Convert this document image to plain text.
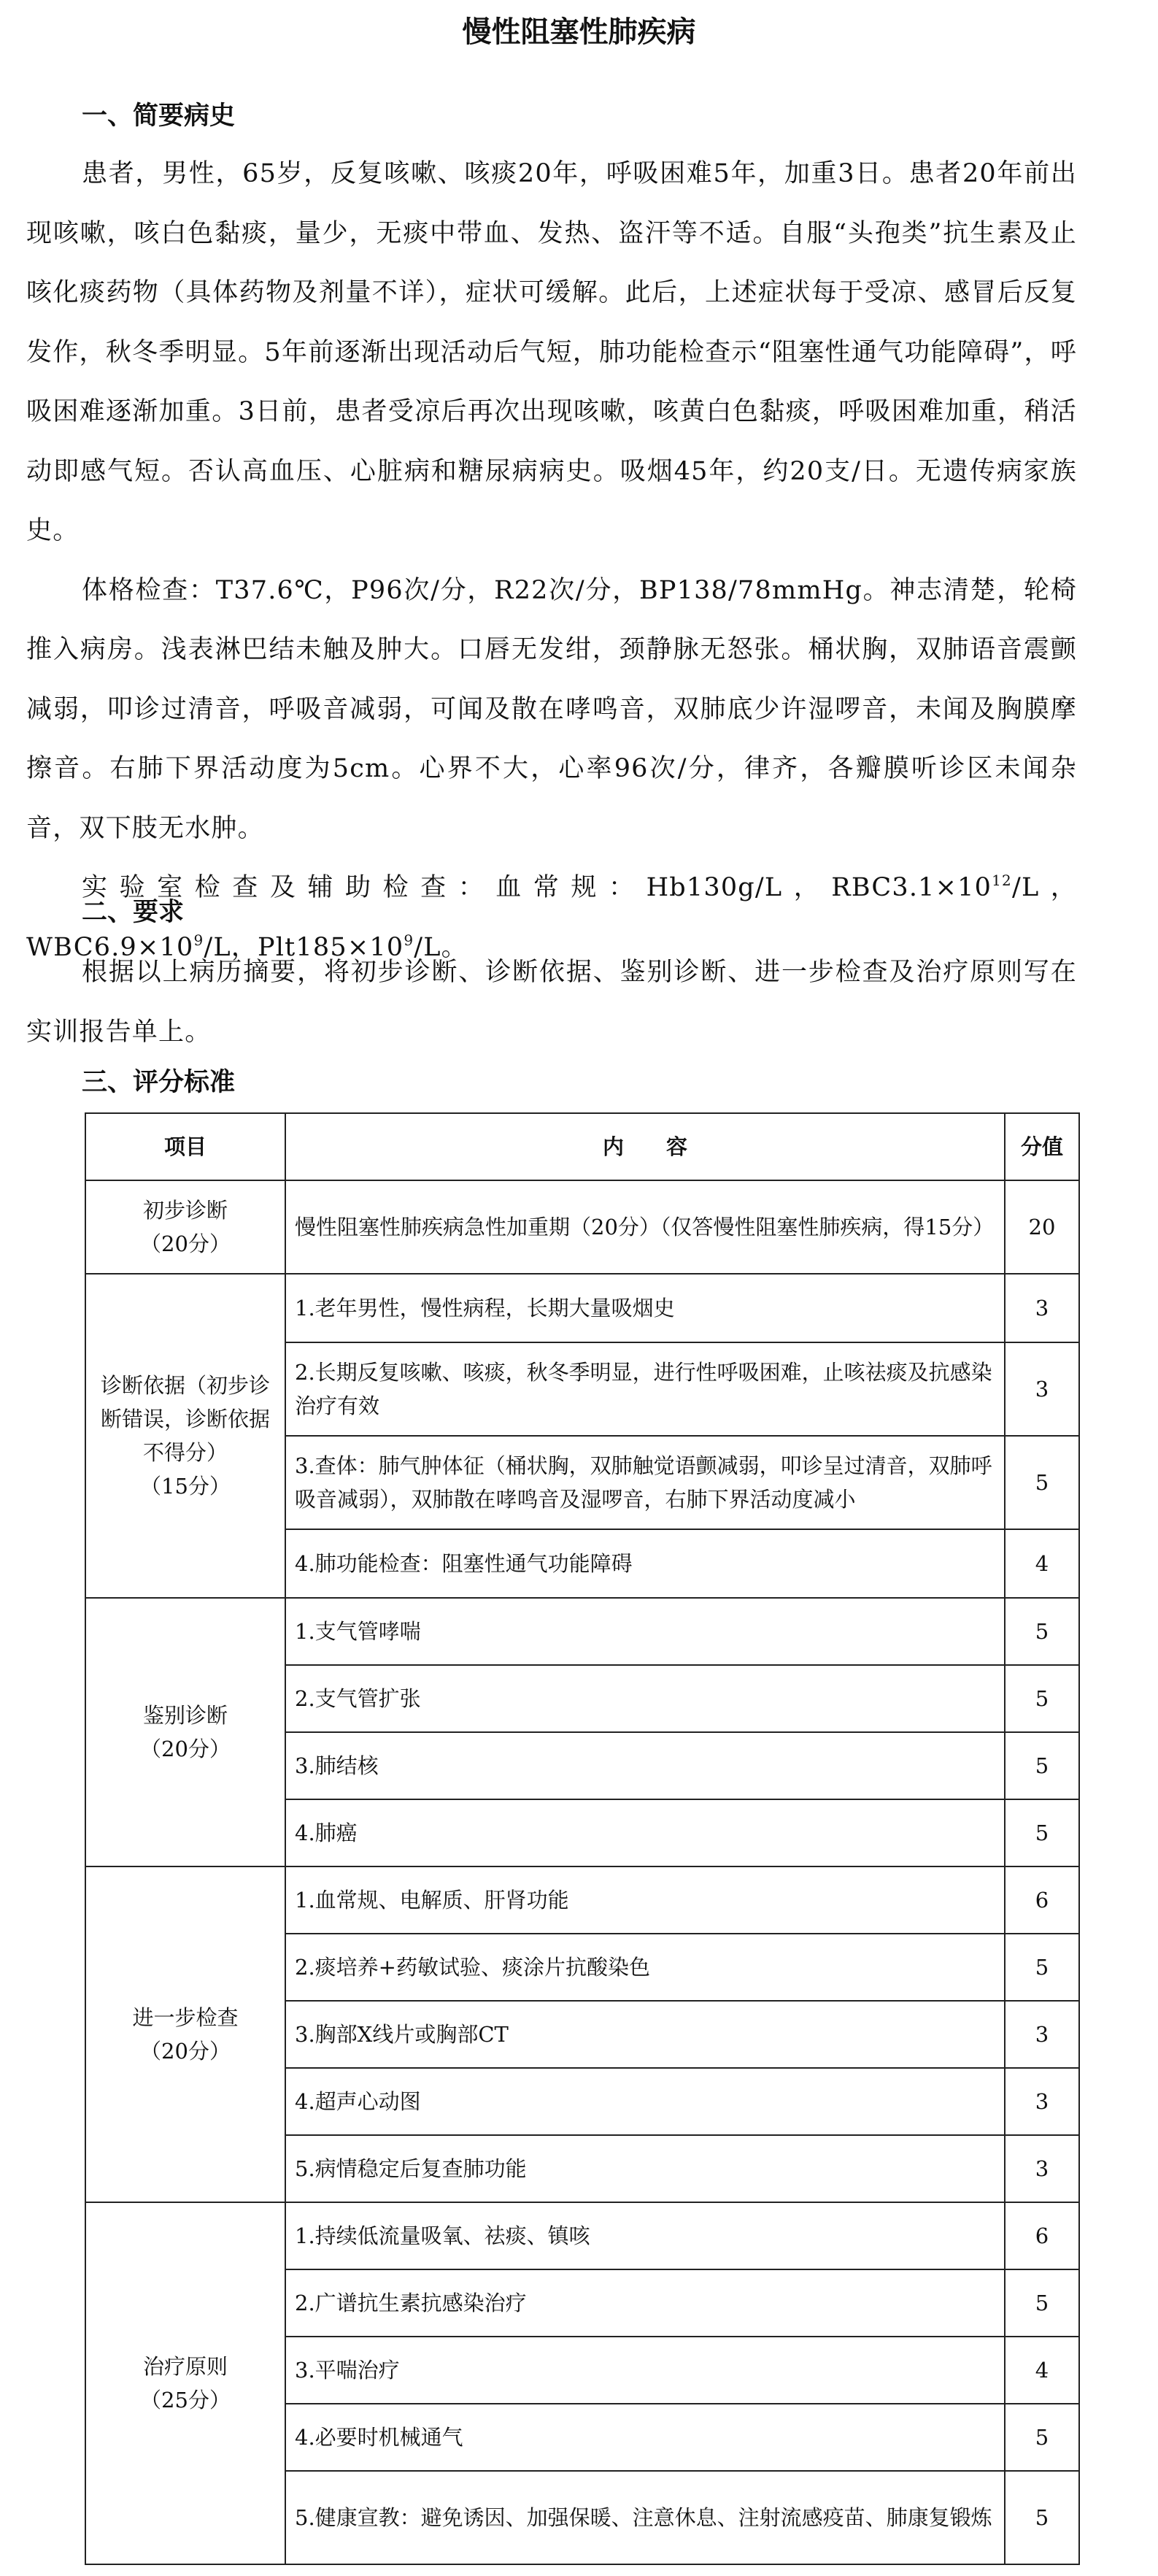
慢性阻塞性肺疾病
一、简要病史

患者，男性，65岁，反复咳嗽、咳痰20年，呼吸困难5年，加重3日。患者20年前出现咳嗽，咳白色黏痰，量少，无痰中带血、发热、盗汗等不适。自服“头孢类”抗生素及止咳化痰药物（具体药物及剂量不详），症状可缓解。此后，上述症状每于受凉、感冒后反复发作，秋冬季明显。5年前逐渐出现活动后气短，肺功能检查示“阻塞性通气功能障碍”，呼吸困难逐渐加重。3日前，患者受凉后再次出现咳嗽，咳黄白色黏痰，呼吸困难加重，稍活动即感气短。否认高血压、心脏病和糖尿病病史。吸烟45年，约20支/日。无遗传病家族史。

体格检查：T37.6℃，P96次/分，R22次/分，BP138/78mmHg。神志清楚，轮椅推入病房。浅表淋巴结未触及肿大。口唇无发绀，颈静脉无怒张。桶状胸，双肺语音震颤减弱，叩诊过清音，呼吸音减弱，可闻及散在哮鸣音，双肺底少许湿啰音，未闻及胸膜摩擦音。右肺下界活动度为5cm。心界不大，心率96次/分，律齐，各瓣膜听诊区未闻杂音，双下肢无水肿。

实验室检查及辅助检查：血常规：Hb130g/L，$RBC3.1\times 10^{12}/L$，$WBC6.9\times 10^9/L$，$Plt185\times 10^9/L$。

二、要求

根据以上病历摘要，将初步诊断、诊断依据、鉴别诊断、进一步检查及治疗原则写在实训报告单上。

三、评分标准
项目	内　　容	分值

初步诊断
（20分）	慢性阻塞性肺疾病急性加重期（20分）（仅答慢性阻塞性肺疾病，得15分）	20

诊断依据（初步诊断错误，诊断依据不得分）
（15分）	1.老年男性，慢性病程，长期大量吸烟史	3
	2.长期反复咳嗽、咳痰，秋冬季明显，进行性呼吸困难，止咳祛痰及抗感染治疗有效	3
	3.查体：肺气肿体征（桶状胸，双肺触觉语颤减弱，叩诊呈过清音，双肺呼吸音减弱），双肺散在哮鸣音及湿啰音，右肺下界活动度减小	5
	4.肺功能检查：阻塞性通气功能障碍	4

鉴别诊断
（20分）	1.支气管哮喘	5
	2.支气管扩张	5
	3.肺结核	5
	4.肺癌	5

进一步检查
（20分）	1.血常规、电解质、肝肾功能	6
	2.痰培养+药敏试验、痰涂片抗酸染色	5
	3.胸部X线片或胸部CT	3
	4.超声心动图	3
	5.病情稳定后复查肺功能	3

治疗原则
（25分）	1.持续低流量吸氧、祛痰、镇咳	6
	2.广谱抗生素抗感染治疗	5
	3.平喘治疗	4
	4.必要时机械通气	5
	5.健康宣教：避免诱因、加强保暖、注意休息、注射流感疫苗、肺康复锻炼	5
